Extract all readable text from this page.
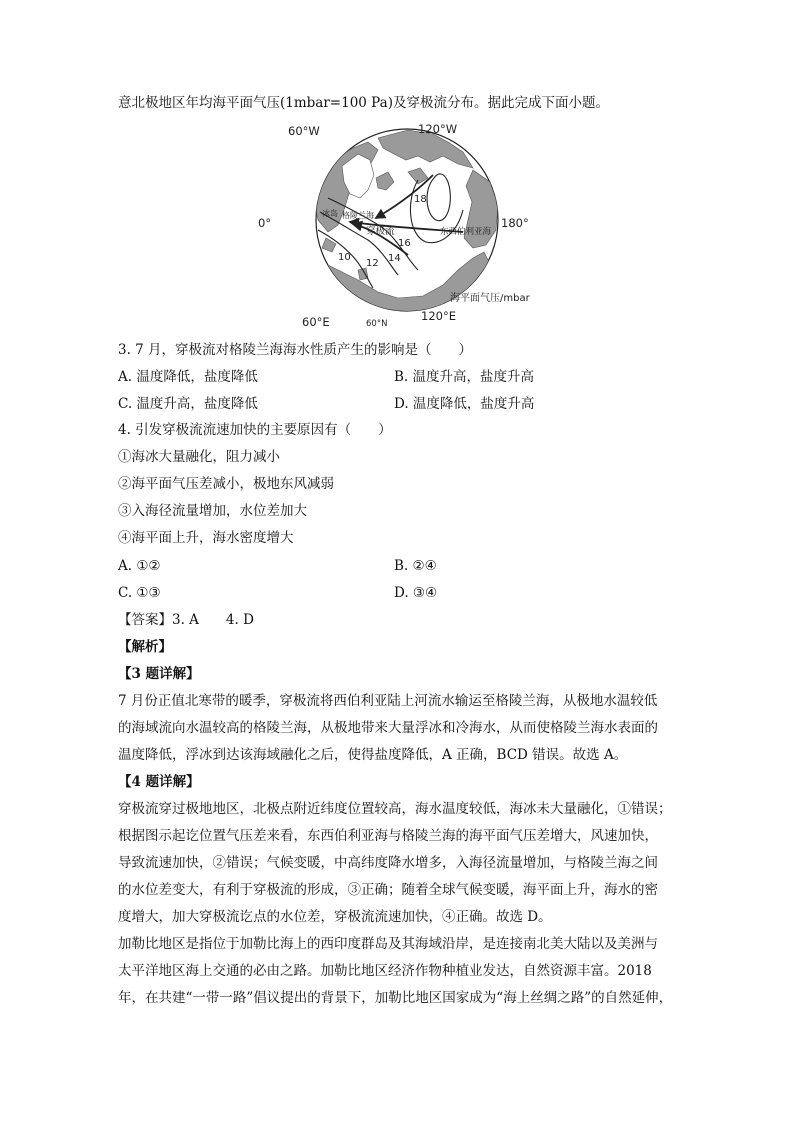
意北极地区年均海平面气压(1mbar=100 Pa)及穿极流分布。据此完成下面小题。
60°W	120°W
0°	180°
60°E	60°N
120°E
冰岛 格陵兰海
穿极流	东西伯利亚海
18
16
14
12
10
海平面气压/mbar
3. 7 月，穿极流对格陵兰海海水性质产生的影响是（　　）
A. 温度降低，盐度降低	B. 温度升高，盐度升高
C. 温度升高，盐度降低	D. 温度降低，盐度升高
4. 引发穿极流流速加快的主要原因有（　　）
①海冰大量融化，阻力减小
②海平面气压差减小，极地东风减弱
③入海径流量增加，水位差加大
④海平面上升，海水密度增大
A. ①②	B. ②④
C. ①③	D. ③④
【答案】3. A　　4. D
【解析】
【3 题详解】
7 月份正值北寒带的暖季，穿极流将西伯利亚陆上河流水输运至格陵兰海，从极地水温较低
的海域流向水温较高的格陵兰海，从极地带来大量浮冰和冷海水，从而使格陵兰海水表面的
温度降低，浮冰到达该海域融化之后，使得盐度降低，A 正确，BCD 错误。故选 A。
【4 题详解】
穿极流穿过极地地区，北极点附近纬度位置较高，海水温度较低，海冰未大量融化，①错误；
根据图示起讫位置气压差来看，东西伯利亚海与格陵兰海的海平面气压差增大，风速加快，
导致流速加快，②错误；气候变暖，中高纬度降水增多，入海径流量增加，与格陵兰海之间
的水位差变大，有利于穿极流的形成，③正确；随着全球气候变暖，海平面上升，海水的密
度增大，加大穿极流讫点的水位差，穿极流流速加快，④正确。故选 D。
加勒比地区是指位于加勒比海上的西印度群岛及其海域沿岸，是连接南北美大陆以及美洲与
太平洋地区海上交通的必由之路。加勒比地区经济作物种植业发达，自然资源丰富。2018
年，在共建“一带一路”倡议提出的背景下，加勒比地区国家成为“海上丝绸之路”的自然延伸，
